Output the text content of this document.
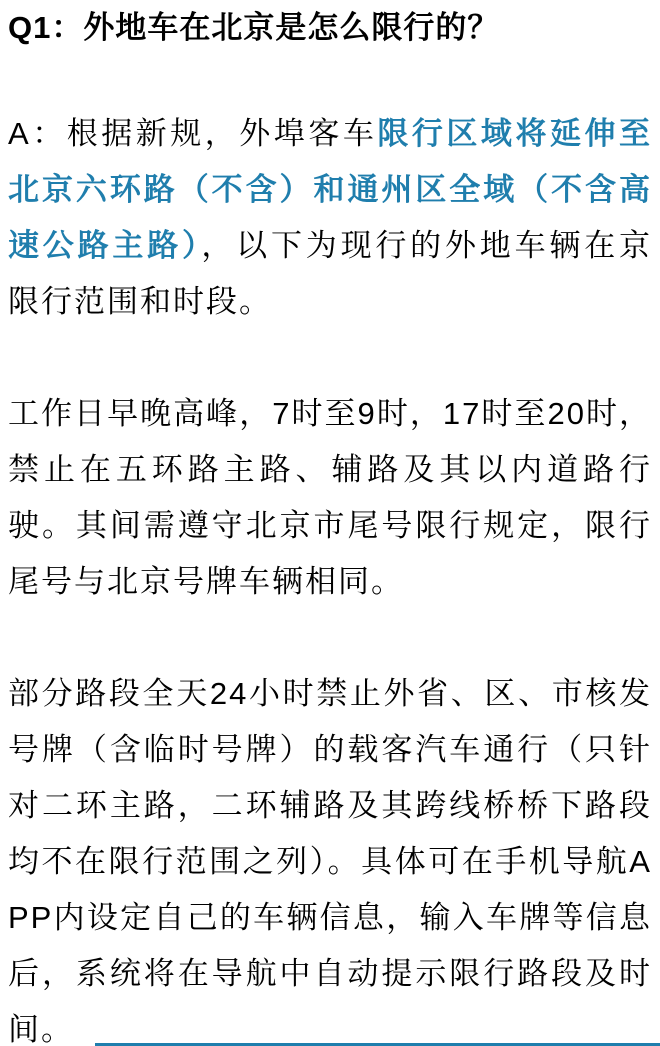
Q1：外地车在北京是怎么限行的？

A：根据新规，外埠客车限行区域将延伸至北京六环路（不含）和通州区全域（不含高速公路主路），以下为现行的外地车辆在京限行范围和时段。

工作日早晚高峰，7时至9时，17时至20时，禁止在五环路主路、辅路及其以内道路行驶。其间需遵守北京市尾号限行规定，限行尾号与北京号牌车辆相同。

部分路段全天24小时禁止外省、区、市核发号牌（含临时号牌）的载客汽车通行（只针对二环主路，二环辅路及其跨线桥桥下路段均不在限行范围之列）。具体可在手机导航APP内设定自己的车辆信息，输入车牌等信息后，系统将在导航中自动提示限行路段及时间。
